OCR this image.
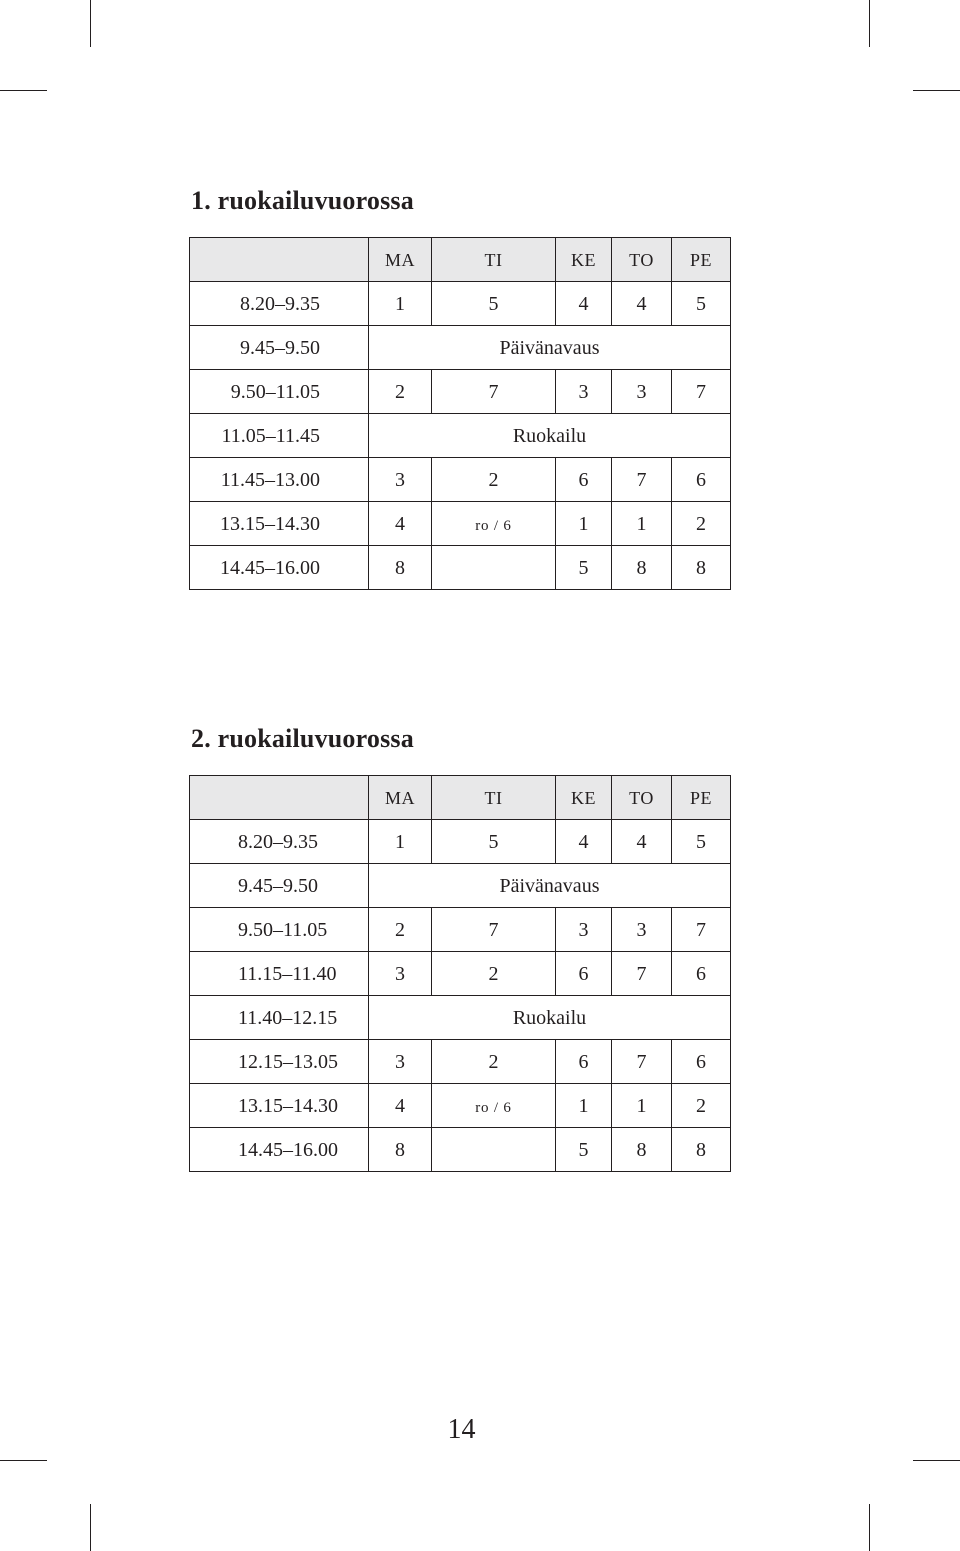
1. ruokailuvuorossa
	MA	TI	KE	TO	PE
8.20–9.35	1	5	4	4	5
9.45–9.50	Päivänavaus				
9.50–11.05	2	7	3	3	7
11.05–11.45	Ruokailu				
11.45–13.00	3	2	6	7	6
13.15–14.30	4	ro / 6	1	1	2
14.45–16.00	8		5	8	8
2. ruokailuvuorossa
	MA	TI	KE	TO	PE
8.20–9.35	1	5	4	4	5
9.45–9.50	Päivänavaus				
9.50–11.05	2	7	3	3	7
11.15–11.40	3	2	6	7	6
11.40–12.15	Ruokailu				
12.15–13.05	3	2	6	7	6
13.15–14.30	4	ro / 6	1	1	2
14.45–16.00	8		5	8	8

14
